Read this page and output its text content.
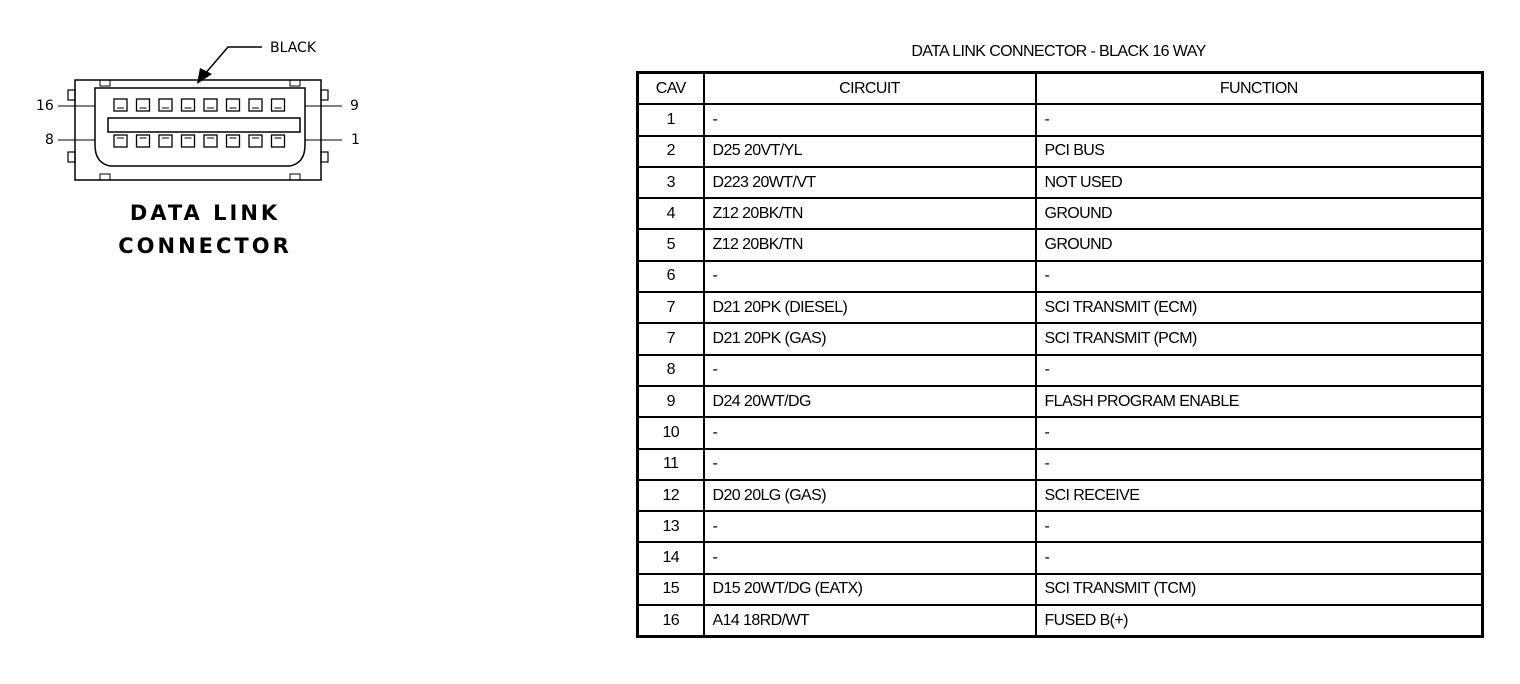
BLACK
16	9
8	1
DATA LINK
CONNECTOR
DATA LINK CONNECTOR - BLACK 16 WAY
CAV	CIRCUIT	FUNCTION
1	-	-
2	D25 20VT/YL	PCI BUS
3	D223 20WT/VT	NOT USED
4	Z12 20BK/TN	GROUND
5	Z12 20BK/TN	GROUND
6	-	-
7	D21 20PK (DIESEL)	SCI TRANSMIT (ECM)
7	D21 20PK (GAS)	SCI TRANSMIT (PCM)
8	-	-
9	D24 20WT/DG	FLASH PROGRAM ENABLE
10	-	-
11	-	-
12	D20 20LG (GAS)	SCI RECEIVE
13	-	-
14	-	-
15	D15 20WT/DG (EATX)	SCI TRANSMIT (TCM)
16	A14 18RD/WT	FUSED B(+)
